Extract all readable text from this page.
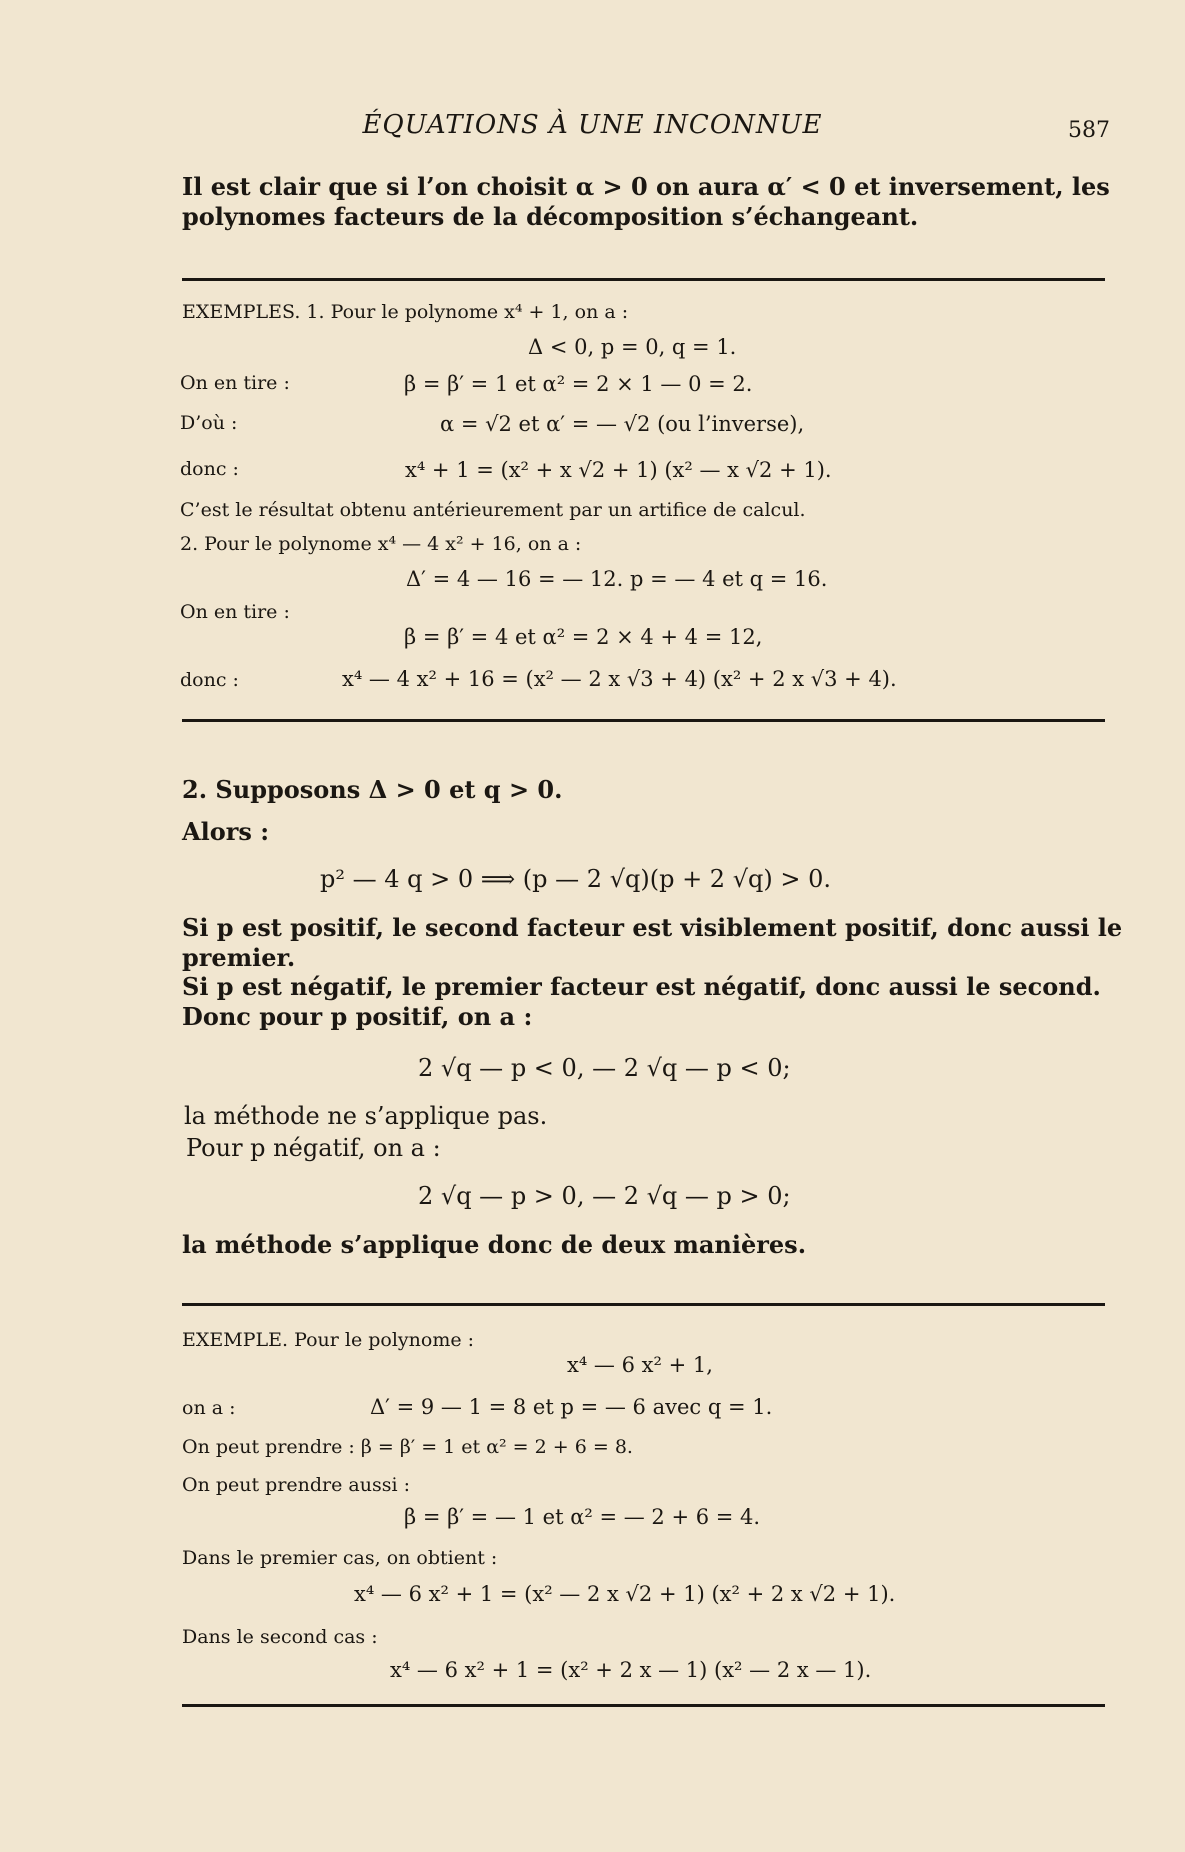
ÉQUATIONS À UNE INCONNUE	587
Il est clair que si l’on choisit α > 0 on aura α′ < 0 et inversement, les
polynomes facteurs de la décomposition s’échangeant.
EXEMPLES. 1. Pour le polynome x⁴ + 1, on a :
Δ < 0, p = 0, q = 1.
On en tire :	β = β′ = 1 et α² = 2 × 1 — 0 = 2.
D’où :	α = √2 et α′ = — √2 (ou l’inverse),
donc :	x⁴ + 1 = (x² + x √2 + 1) (x² — x √2 + 1).
C’est le résultat obtenu antérieurement par un artifice de calcul.
2. Pour le polynome x⁴ — 4 x² + 16, on a :
Δ′ = 4 — 16 = — 12. p = — 4 et q = 16.
On en tire :
β = β′ = 4 et α² = 2 × 4 + 4 = 12,
donc :	x⁴ — 4 x² + 16 = (x² — 2 x √3 + 4) (x² + 2 x √3 + 4).
2. Supposons Δ > 0 et q > 0.
Alors :
p² — 4 q > 0 ⟹ (p — 2 √q)(p + 2 √q) > 0.
Si p est positif, le second facteur est visiblement positif, donc aussi le
premier.
Si p est négatif, le premier facteur est négatif, donc aussi le second.
Donc pour p positif, on a :
2 √q — p < 0, — 2 √q — p < 0;
la méthode ne s’applique pas.
Pour p négatif, on a :
2 √q — p > 0, — 2 √q — p > 0;
la méthode s’applique donc de deux manières.
EXEMPLE. Pour le polynome :
x⁴ — 6 x² + 1,
on a :	Δ′ = 9 — 1 = 8 et p = — 6 avec q = 1.
On peut prendre : β = β′ = 1 et α² = 2 + 6 = 8.
On peut prendre aussi :
β = β′ = — 1 et α² = — 2 + 6 = 4.
Dans le premier cas, on obtient :
x⁴ — 6 x² + 1 = (x² — 2 x √2 + 1) (x² + 2 x √2 + 1).
Dans le second cas :
x⁴ — 6 x² + 1 = (x² + 2 x — 1) (x² — 2 x — 1).
